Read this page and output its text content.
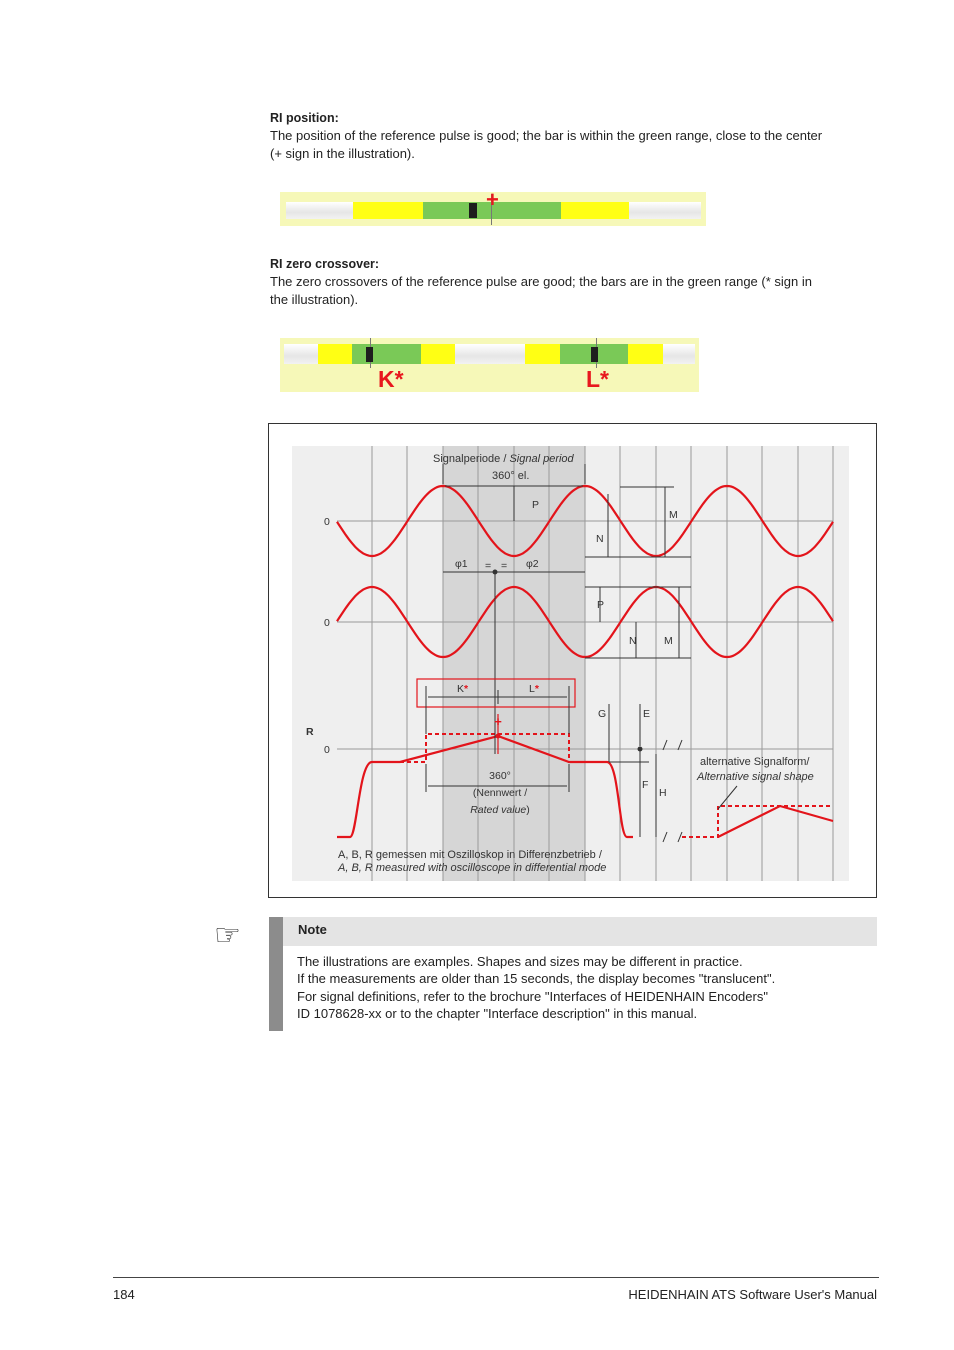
RI position:
The position of the reference pulse is good; the bar is within the green range, close to the center
(+ sign in the illustration).
+
RI zero crossover:
The zero crossovers of the reference pulse are good; the bars are in the green range (* sign in
the illustration).
K*	L*
Signalperiode / Signal period
360° el.
P
φ1 = = φ2
N
M
P
N	M
0
0
0
R
K*	L*
+
360°
(Nennwert /
Rated value)
G	E
F
H
alternative Signalform/
Alternative signal shape
A, B, R gemessen mit Oszilloskop in Differenzbetrieb /
A, B, R measured with oscilloscope in differential mode
☞	Note
The illustrations are examples. Shapes and sizes may be different in practice.
If the measurements are older than 15 seconds, the display becomes "translucent".
For signal definitions, refer to the brochure "Interfaces of HEIDENHAIN Encoders"
ID 1078628-xx or to the chapter "Interface description" in this manual.
184	HEIDENHAIN ATS Software User's Manual
